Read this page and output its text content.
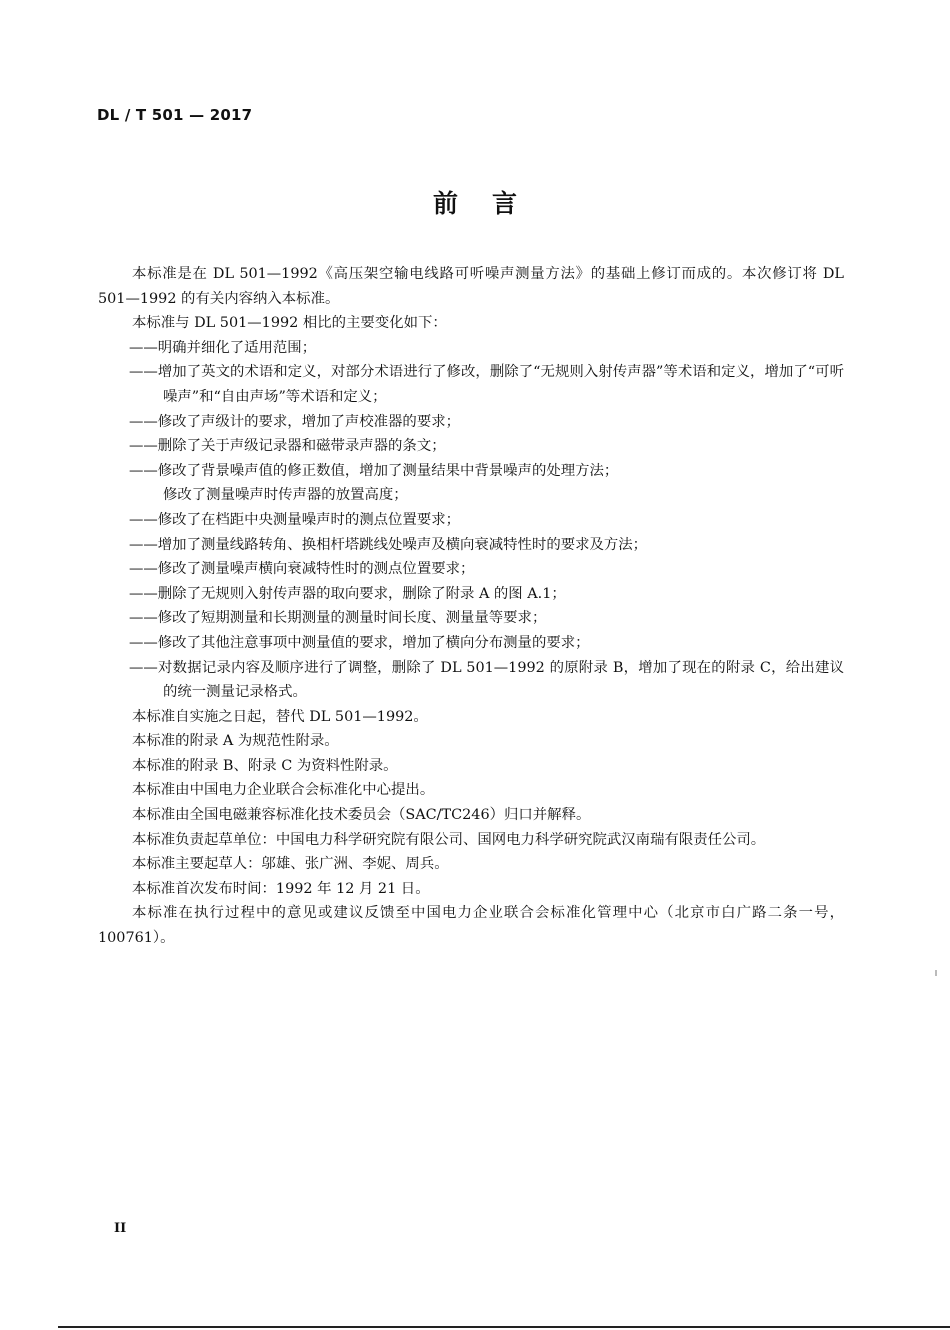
DL / T 501 — 2017
前言

本标准是在 DL 501—1992《高压架空输电线路可听噪声测量方法》的基础上修订而成的。本次修订将 DL 501—1992 的有关内容纳入本标准。

本标准与 DL 501—1992 相比的主要变化如下：

——明确并细化了适用范围；

——增加了英文的术语和定义，对部分术语进行了修改，删除了“无规则入射传声器”等术语和定义，增加了“可听噪声”和“自由声场”等术语和定义；

——修改了声级计的要求，增加了声校准器的要求；

——删除了关于声级记录器和磁带录声器的条文；

——修改了背景噪声值的修正数值，增加了测量结果中背景噪声的处理方法；

修改了测量噪声时传声器的放置高度；

——修改了在档距中央测量噪声时的测点位置要求；

——增加了测量线路转角、换相杆塔跳线处噪声及横向衰减特性时的要求及方法；

——修改了测量噪声横向衰减特性时的测点位置要求；

——删除了无规则入射传声器的取向要求，删除了附录 A 的图 A.1；

——修改了短期测量和长期测量的测量时间长度、测量量等要求；

——修改了其他注意事项中测量值的要求，增加了横向分布测量的要求；

——对数据记录内容及顺序进行了调整，删除了 DL 501—1992 的原附录 B，增加了现在的附录 C，给出建议的统一测量记录格式。

本标准自实施之日起，替代 DL 501—1992。

本标准的附录 A 为规范性附录。

本标准的附录 B、附录 C 为资料性附录。

本标准由中国电力企业联合会标准化中心提出。

本标准由全国电磁兼容标准化技术委员会（SAC/TC246）归口并解释。

本标准负责起草单位：中国电力科学研究院有限公司、国网电力科学研究院武汉南瑞有限责任公司。

本标准主要起草人：邬雄、张广洲、李妮、周兵。

本标准首次发布时间：1992 年 12 月 21 日。

本标准在执行过程中的意见或建议反馈至中国电力企业联合会标准化管理中心（北京市白广路二条一号，100761）。

II
